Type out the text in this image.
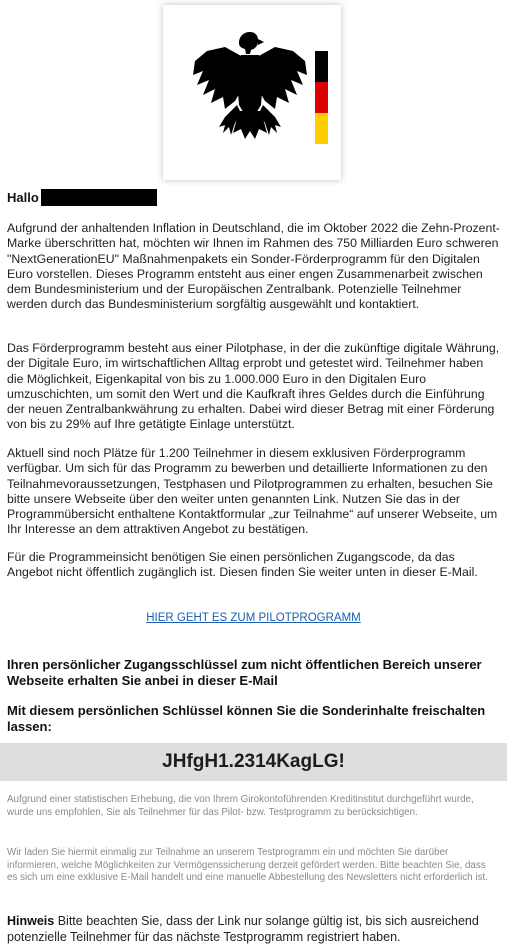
Hallo

Aufgrund der anhaltenden Inflation in Deutschland, die im Oktober 2022 die Zehn-Prozent-Marke überschritten hat, möchten wir Ihnen im Rahmen des 750 Milliarden Euro schweren "NextGenerationEU" Maßnahmenpakets ein Sonder-Förderprogramm für den Digitalen Euro vorstellen. Dieses Programm entsteht aus einer engen Zusammenarbeit zwischen dem Bundesministerium und der Europäischen Zentralbank. Potenzielle Teilnehmer werden durch das Bundesministerium sorgfältig ausgewählt und kontaktiert.

Das Förderprogramm besteht aus einer Pilotphase, in der die zukünftige digitale Währung, der Digitale Euro, im wirtschaftlichen Alltag erprobt und getestet wird. Teilnehmer haben die Möglichkeit, Eigenkapital von bis zu 1.000.000 Euro in den Digitalen Euro umzuschichten, um somit den Wert und die Kaufkraft ihres Geldes durch die Einführung der neuen Zentralbankwährung zu erhalten. Dabei wird dieser Betrag mit einer Förderung von bis zu 29% auf Ihre getätigte Einlage unterstützt.

Aktuell sind noch Plätze für 1.200 Teilnehmer in diesem exklusiven Förderprogramm verfügbar. Um sich für das Programm zu bewerben und detaillierte Informationen zu den Teilnahmevoraussetzungen, Testphasen und Pilotprogrammen zu erhalten, besuchen Sie bitte unsere Webseite über den weiter unten genannten Link. Nutzen Sie das in der Programmübersicht enthaltene Kontaktformular „zur Teilnahme“ auf unserer Webseite, um Ihr Interesse an dem attraktiven Angebot zu bestätigen.

Für die Programmeinsicht benötigen Sie einen persönlichen Zugangscode, da das Angebot nicht öffentlich zugänglich ist. Diesen finden Sie weiter unten in dieser E-Mail.

HIER GEHT ES ZUM PILOTPROGRAMM

Ihren persönlicher Zugangsschlüssel zum nicht öffentlichen Bereich unserer Webseite erhalten Sie anbei in dieser E-Mail

Mit diesem persönlichen Schlüssel können Sie die Sonderinhalte freischalten lassen:

JHfgH1.2314KagLG!

Aufgrund einer statistischen Erhebung, die von Ihrem Girokontoführenden Kreditinstitut durchgeführt wurde, wurde uns empfohlen, Sie als Teilnehmer für das Pilot- bzw. Testprogramm zu berücksichtigen.

Wir laden Sie hiermit einmalig zur Teilnahme an unserem Testprogramm ein und möchten Sie darüber informieren, welche Möglichkeiten zur Vermögenssicherung derzeit gefördert werden. Bitte beachten Sie, dass es sich um eine exklusive E-Mail handelt und eine manuelle Abbestellung des Newsletters nicht erforderlich ist.

Hinweis Bitte beachten Sie, dass der Link nur solange gültig ist, bis sich ausreichend potenzielle Teilnehmer für das nächste Testprogramm registriert haben.
